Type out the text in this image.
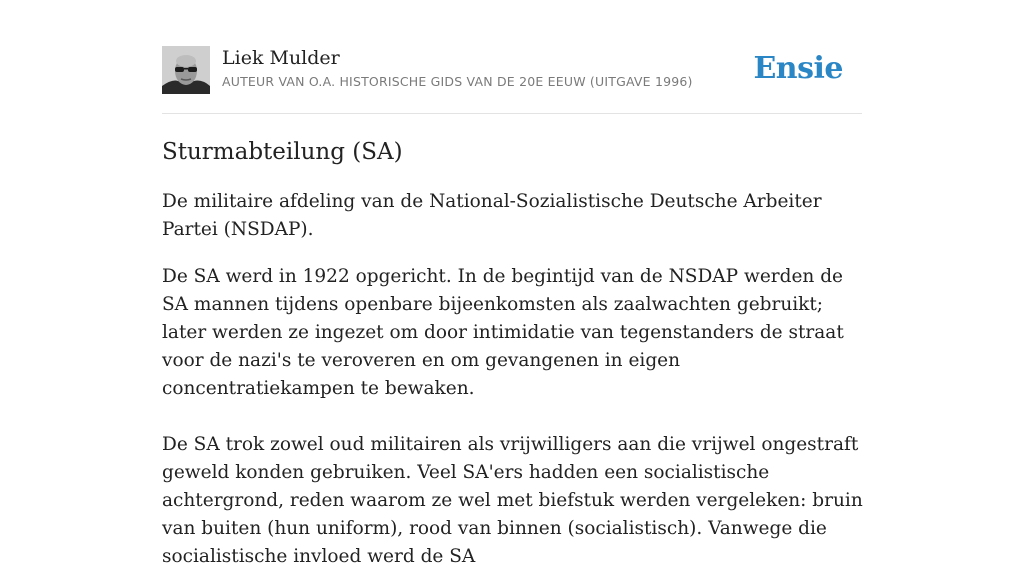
Liek Mulder
AUTEUR VAN O.A. HISTORISCHE GIDS VAN DE 20E EEUW (UITGAVE 1996) Ensie
Sturmabteilung (SA)

De militaire afdeling van de National-Sozialistische Deutsche Arbeiter Partei (NSDAP).

De SA werd in 1922 opgericht. In de begintijd van de NSDAP werden de SA mannen tijdens openbare bijeenkomsten als zaalwachten gebruikt; later werden ze ingezet om door intimidatie van tegenstanders de straat voor de nazi's te veroveren en om gevangenen in eigen concentratiekampen te bewaken.

De SA trok zowel oud militairen als vrijwilligers aan die vrijwel ongestraft geweld konden gebruiken. Veel SA'ers hadden een socialistische achtergrond, reden waarom ze wel met biefstuk werden vergeleken: bruin van buiten (hun uniform), rood van binnen (socialistisch). Vanwege die socialistische invloed werd de SA
